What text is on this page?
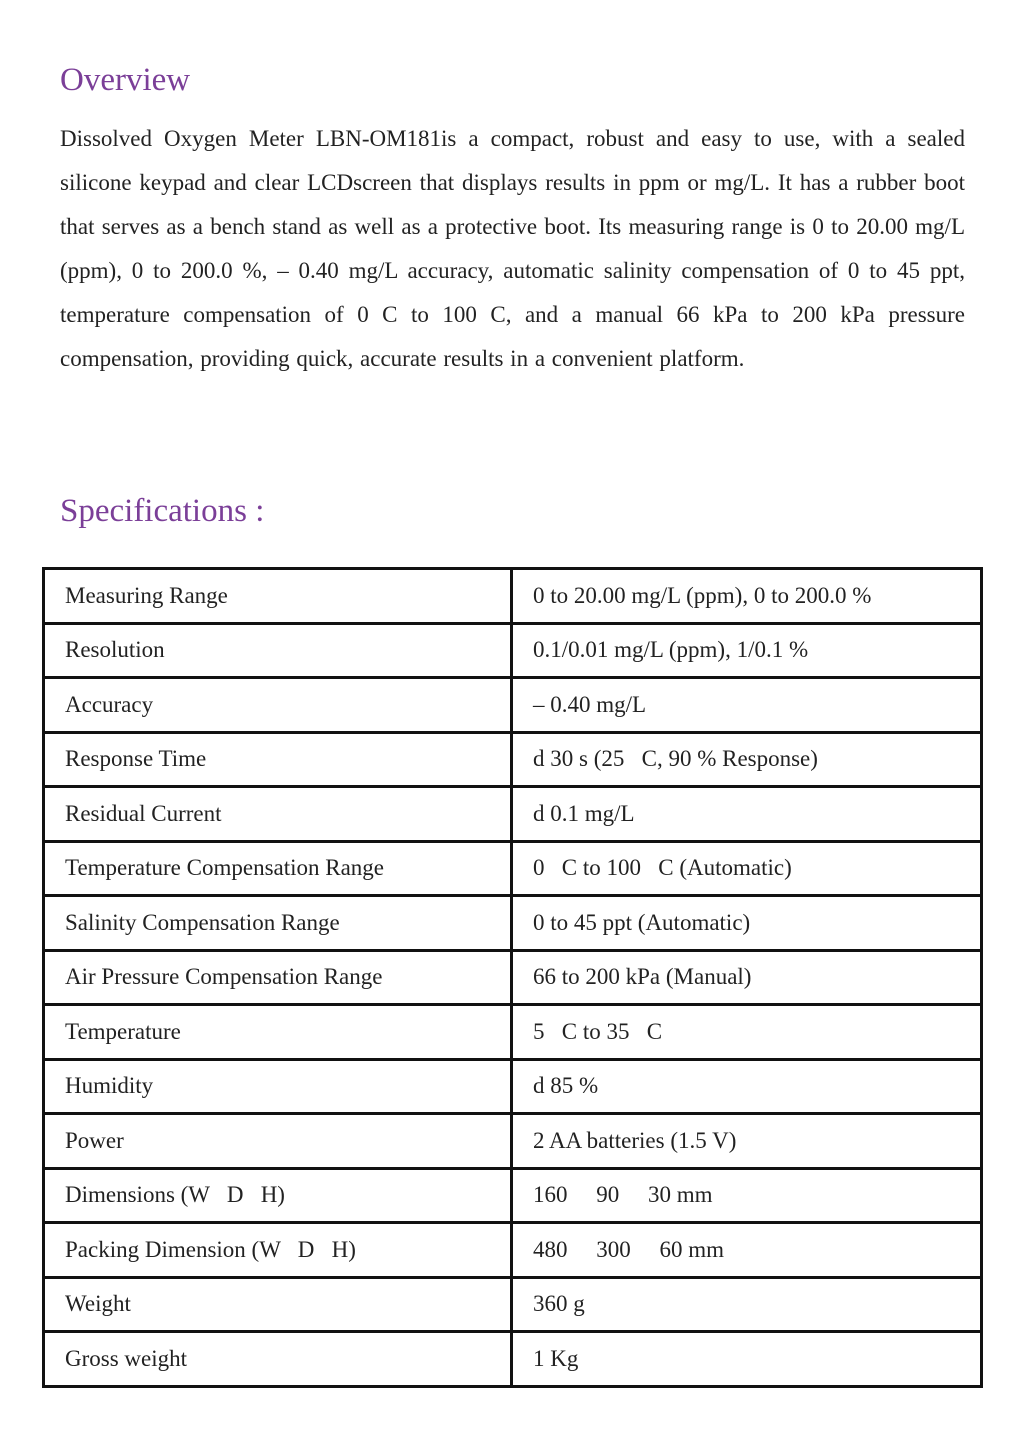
Overview

Dissolved Oxygen Meter LBN-OM181is a compact, robust and easy to use, with a sealed silicone keypad and clear LCDscreen that displays results in ppm or mg/L. It has a rubber boot that serves as a bench stand as well as a protective boot. Its measuring range is 0 to 20.00 mg/L (ppm), 0 to 200.0 %, – 0.40 mg/L accuracy, automatic salinity compensation of 0 to 45 ppt, temperature compensation of 0 C to 100 C, and a manual 66 kPa to 200 kPa pressure compensation, providing quick, accurate results in a convenient platform.

Specifications :
Measuring Range	0 to 20.00 mg/L (ppm), 0 to 200.0 %
Resolution	0.1/0.01 mg/L (ppm), 1/0.1 %
Accuracy	– 0.40 mg/L
Response Time	d 30 s (25   C, 90 % Response)
Residual Current	d 0.1 mg/L
Temperature Compensation Range	0   C to 100   C (Automatic)
Salinity Compensation Range	0 to 45 ppt (Automatic)
Air Pressure Compensation Range	66 to 200 kPa (Manual)
Temperature	5   C to 35   C
Humidity	d 85 %
Power	2 AA batteries (1.5 V)
Dimensions (W   D   H)	160     90     30 mm
Packing Dimension (W   D   H)	480     300     60 mm
Weight	360 g
Gross weight	1 Kg
